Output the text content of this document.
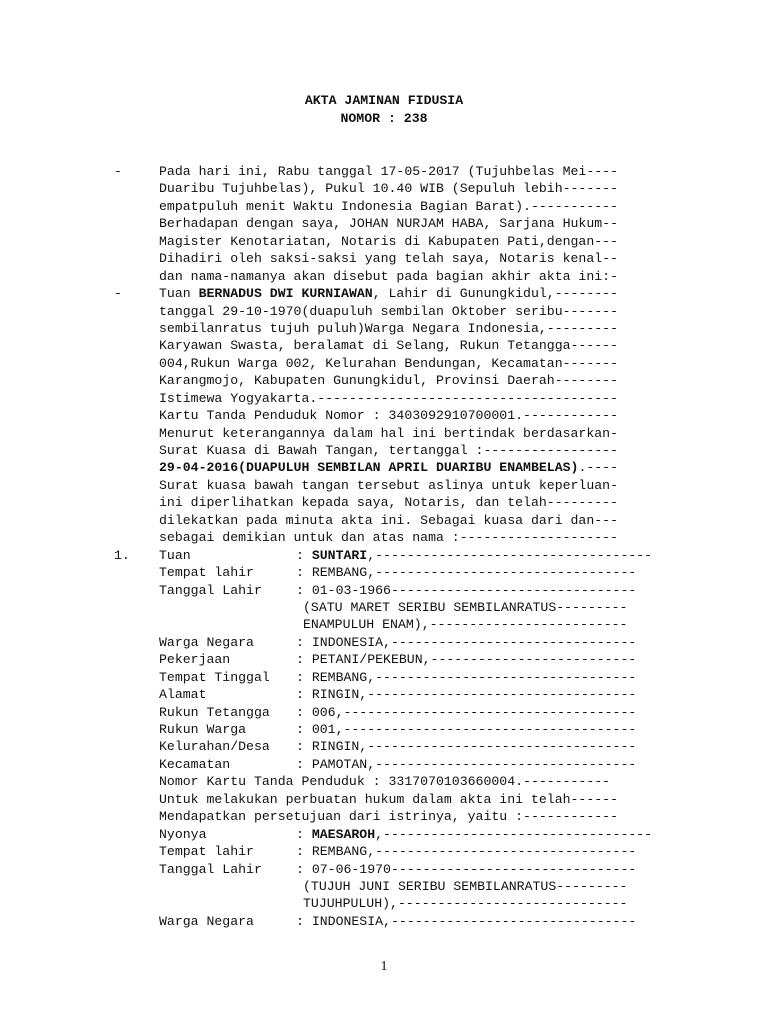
AKTA JAMINAN FIDUSIA
NOMOR : 238
-	Pada hari ini, Rabu tanggal 17-05-2017 (Tujuhbelas Mei----
Duaribu Tujuhbelas), Pukul 10.40 WIB (Sepuluh lebih-------
empatpuluh menit Waktu Indonesia Bagian Barat).-----------
Berhadapan dengan saya, JOHAN NURJAM HABA, Sarjana Hukum--
Magister Kenotariatan, Notaris di Kabupaten Pati,dengan---
Dihadiri oleh saksi-saksi yang telah saya, Notaris kenal--
dan nama-namanya akan disebut pada bagian akhir akta ini:-
-	Tuan BERNADUS DWI KURNIAWAN, Lahir di Gunungkidul,--------
tanggal 29-10-1970(duapuluh sembilan Oktober seribu-------
sembilanratus tujuh puluh)Warga Negara Indonesia,---------
Karyawan Swasta, beralamat di Selang, Rukun Tetangga------
004,Rukun Warga 002, Kelurahan Bendungan, Kecamatan-------
Karangmojo, Kabupaten Gunungkidul, Provinsi Daerah--------
Istimewa Yogyakarta.--------------------------------------
Kartu Tanda Penduduk Nomor : 3403092910700001.------------
Menurut keterangannya dalam hal ini bertindak berdasarkan-
Surat Kuasa di Bawah Tangan, tertanggal :-----------------
29-04-2016(DUAPULUH SEMBILAN APRIL DUARIBU ENAMBELAS).----
Surat kuasa bawah tangan tersebut aslinya untuk keperluan-
ini diperlihatkan kepada saya, Notaris, dan telah---------
dilekatkan pada minuta akta ini. Sebagai kuasa dari dan---
sebagai demikian untuk dan atas nama :--------------------
1. Tuan	: SUNTARI,-----------------------------------
Tempat lahir	: REMBANG,---------------------------------
Tanggal Lahir	: 01-03-1966-------------------------------
(SATU MARET SERIBU SEMBILANRATUS---------
ENAMPULUH ENAM),-------------------------
Warga Negara	: INDONESIA,-------------------------------
Pekerjaan	: PETANI/PEKEBUN,--------------------------
Tempat Tinggal : REMBANG,---------------------------------
Alamat	: RINGIN,----------------------------------
Rukun Tetangga : 006,-------------------------------------
Rukun Warga	: 001,-------------------------------------
Kelurahan/Desa : RINGIN,----------------------------------
Kecamatan	: PAMOTAN,---------------------------------
Nomor Kartu Tanda Penduduk : 3317070103660004.-----------
Untuk melakukan perbuatan hukum dalam akta ini telah------
Mendapatkan persetujuan dari istrinya, yaitu :------------
Nyonya	: MAESAROH,----------------------------------
Tempat lahir	: REMBANG,---------------------------------
Tanggal Lahir	: 07-06-1970-------------------------------
(TUJUH JUNI SERIBU SEMBILANRATUS---------
TUJUHPULUH),-----------------------------
Warga Negara	: INDONESIA,-------------------------------
1
